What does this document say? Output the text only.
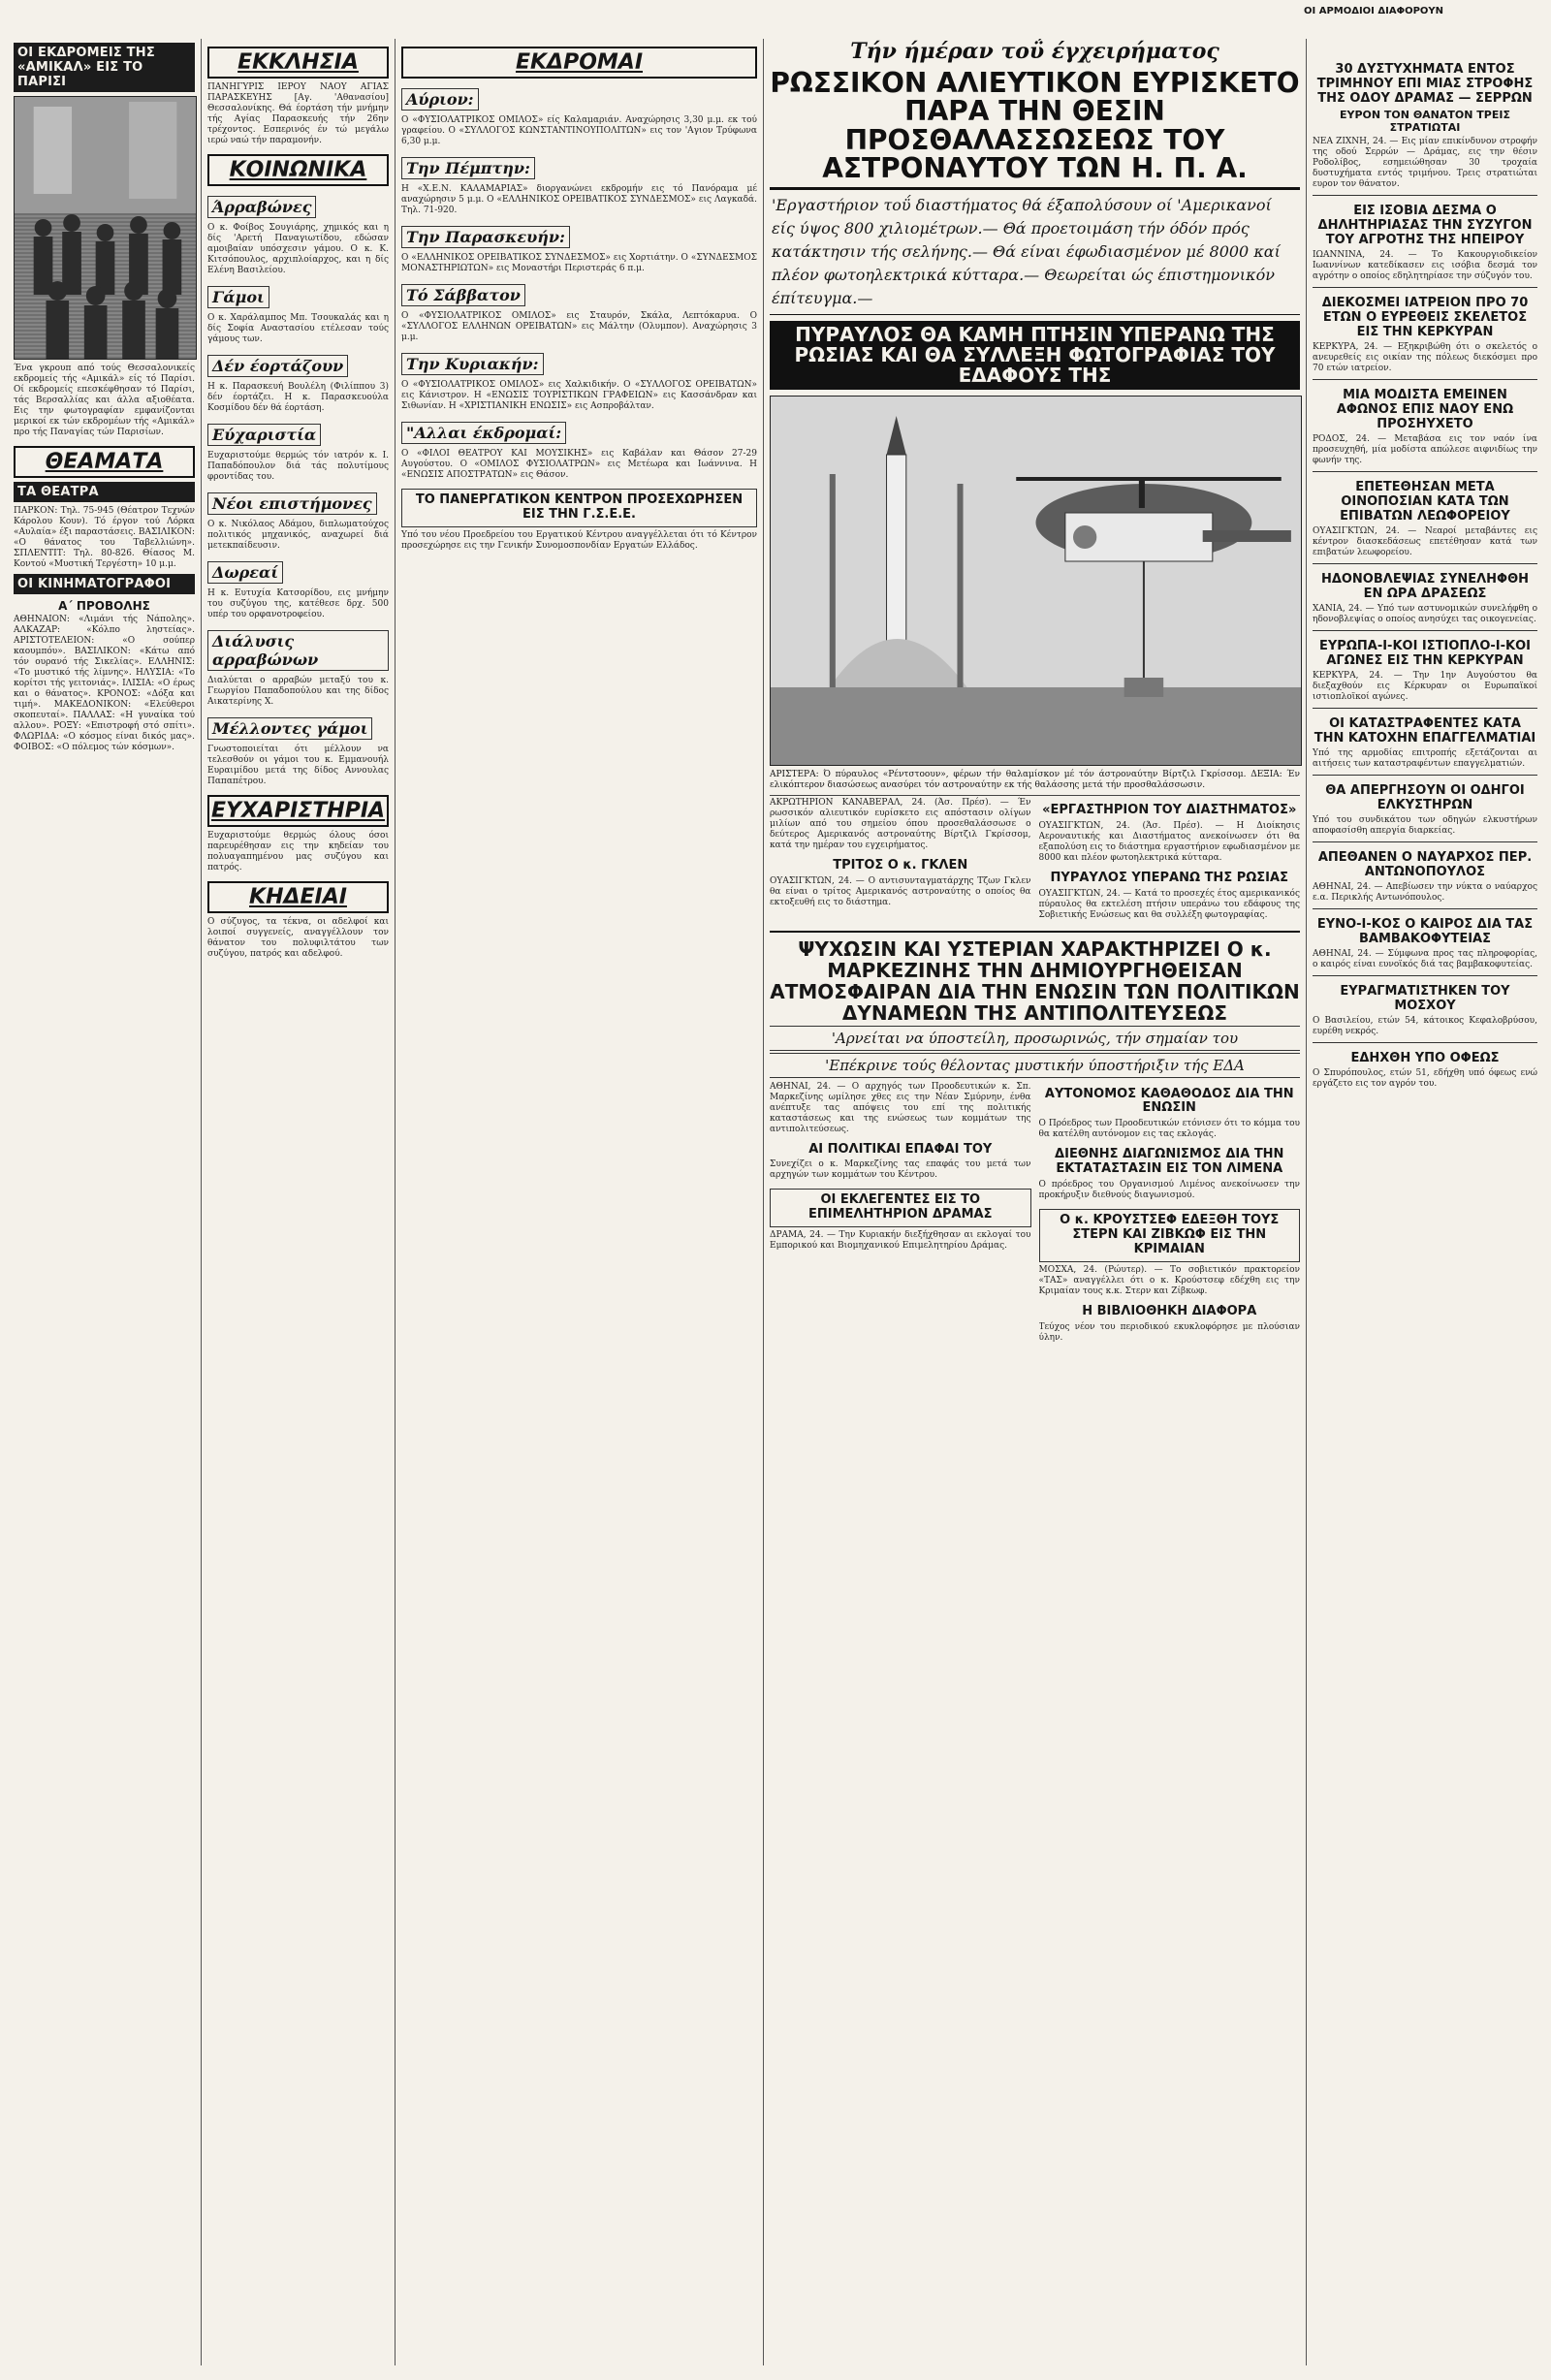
ΟΙ ΑΡΜΟΔΙΟΙ ΔΙΑΦΟΡΟΥΝ
ΟΙ ΕΚΔΡΟΜΕΙΣ ΤΗΣ «ΑΜΙΚΑΛ» ΕΙΣ ΤΟ ΠΑΡΙΣΙ
Ένα γκρουπ από τούς Θεσσαλονικείς εκδρομείς τής «Αμικάλ» είς τό Παρίσι. Οί εκδρομείς επεσκέφθησαν τό Παρίσι, τάς Βερσαλλίας και άλλα αξιοθέατα. Εις την φωτογραφίαν εμφανίζονται μερικοί εκ τών εκδρομέων τής «Αμικάλ» προ τής Παναγίας τών Παρισίων.
ΘΕΑΜΑΤΑ
ΤΑ ΘΕΑΤΡΑ
ΠΑΡΚΟΝ: Τηλ. 75-945 (Θέατρον Τεχνών Κάρολου Κουν). Τό έργον τού Λόρκα «Αυλαία» έξι παραστάσεις. ΒΑΣΙΛΙΚΟΝ: «Ο θάνατος του Ταβελλιώνη». ΣΠΛΕΝΤΙΤ: Τηλ. 80-826. Θίασος Μ. Κοντού «Μυστική Τεργέστη» 10 μ.μ.
ΟΙ ΚΙΝΗΜΑΤΟΓΡΑΦΟΙ
Α΄ ΠΡΟΒΟΛΗΣ
ΑΘΗΝΑΙΟΝ: «Λιμάνι τής Νάπολης». ΑΛΚΑΖΑΡ: «Κόλπο ληστείας». ΑΡΙΣΤΟΤΕΛΕΙΟΝ: «Ο σούπερ καουμπόυ». ΒΑΣΙΛΙΚΟΝ: «Κάτω από τόν ουρανό τής Σικελίας». ΕΛΛΗΝΙΣ: «Το μυστικό τής λίμνης». ΗΛΥΣΙΑ: «Το κορίτσι τής γειτονιάς». ΙΛΙΣΙΑ: «Ο έρως και ο θάνατος». ΚΡΟΝΟΣ: «Δόξα και τιμή». ΜΑΚΕΔΟΝΙΚΟΝ: «Ελεύθεροι σκοπευταί». ΠΑΛΛΑΣ: «Η γυναίκα τού αλλου». ΡΟΞΥ: «Επιστροφή στό σπίτι». ΦΛΩΡΙΔΑ: «Ο κόσμος είναι δικός μας». ΦΟΙΒΟΣ: «Ο πόλεμος τών κόσμων».
ΕΚΚΛΗΣΙΑ
ΠΑΝΗΓΥΡΙΣ ΙΕΡΟΥ ΝΑΟΥ ΑΓΙΑΣ ΠΑΡΑΣΚΕΥΗΣ [Αγ. 'Αθανασίου] Θεσσαλονίκης. Θά έορτάση τήν μνήμην τής Αγίας Παρασκευής τήν 26ην τρέχοντος. Εσπερινός έν τώ μεγάλω ιερώ ναώ τήν παραμονήν.
ΚΟΙΝΩΝΙΚΑ
Άρραβώνες
Ο κ. Φοίβος Σουγιάρης, χημικός και η δίς 'Αρετή Παναγιωτίδου, εδώσαν αμοιβαίαν υπόσχεσιν γάμου. Ο κ. Κ. Κιτσόπουλος, αρχιπλοίαρχος, και η δίς Ελένη Βασιλείου.
Γάμοι
Ο κ. Χαράλαμπος Μπ. Τσουκαλάς και η δίς Σοφία Αναστασίου ετέλεσαν τούς γάμους των.
Δέν έορτάζουν
Η κ. Παρασκευή Βουλέλη (Φιλίππου 3) δέν έορτάζει. Η κ. Παρασκευούλα Κοσμίδου δέν θά έορτάση.
Εύχαριστία
Ευχαριστούμε θερμώς τόν ιατρόν κ. Ι. Παπαδόπουλον διά τάς πολυτίμους φροντίδας του.
Νέοι επιστήμονες
Ο κ. Νικόλαος Αδάμου, διπλωματούχος πολιτικός μηχανικός, αναχωρεί διά μετεκπαίδευσιν.
Δωρεαί
Η κ. Ευτυχία Κατσορίδου, εις μνήμην του συζύγου της, κατέθεσε δρχ. 500 υπέρ του ορφανοτροφείου.
Διάλυσις αρραβώνων
Διαλύεται ο αρραβών μεταξύ του κ. Γεωργίου Παπαδοπούλου και της δίδος Αικατερίνης Χ.
Μέλλοντες γάμοι
Γνωστοποιείται ότι μέλλουν να τελεσθούν οι γάμοι του κ. Εμμανουήλ Ευραιμίδου μετά της δίδος Αννουλας Παπαπέτρου.
ΕΥΧΑΡΙΣΤΗΡΙΑ
Ευχαριστούμε θερμώς όλους όσοι παρευρέθησαν εις την κηδείαν του πολυαγαπημένου μας συζύγου και πατρός.
ΚΗΔΕΙΑΙ
Ο σύζυγος, τα τέκνα, οι αδελφοί και λοιποί συγγενείς, αναγγέλλουν τον θάνατον του πολυφιλτάτου των συζύγου, πατρός και αδελφού.
ΕΚΔΡΟΜΑΙ
Αύριον:
Ο «ΦΥΣΙΟΛΑΤΡΙΚΟΣ ΟΜΙΛΟΣ» είς Καλαμαριάν. Αναχώρησις 3,30 μ.μ. εκ τού γραφείου. Ο «ΣΥΛΛΟΓΟΣ ΚΩΝΣΤΑΝΤΙΝΟΥΠΟΛΙΤΩΝ» εις τον 'Αγιον Τρύφωνα 6,30 μ.μ.
Την Πέμπτην:
Η «Χ.Ε.Ν. ΚΑΛΑΜΑΡΙΑΣ» διοργανώνει εκδρομήν εις τό Πανόραμα μέ αναχώρησιν 5 μ.μ. Ο «ΕΛΛΗΝΙΚΟΣ ΟΡΕΙΒΑΤΙΚΟΣ ΣΥΝΔΕΣΜΟΣ» εις Λαγκαδά. Τηλ. 71-920.
Την Παρασκευήν:
Ο «ΕΛΛΗΝΙΚΟΣ ΟΡΕΙΒΑΤΙΚΟΣ ΣΥΝΔΕΣΜΟΣ» εις Χορτιάτην. Ο «ΣΥΝΔΕΣΜΟΣ ΜΟΝΑΣΤΗΡΙΩΤΩΝ» εις Μοναστήρι Περιστεράς 6 π.μ.
Τό Σάββατον
Ο «ΦΥΣΙΟΛΑΤΡΙΚΟΣ ΟΜΙΛΟΣ» εις Σταυρόν, Σκάλα, Λεπτόκαρυα. Ο «ΣΥΛΛΟΓΟΣ ΕΛΛΗΝΩΝ ΟΡΕΙΒΑΤΩΝ» εις Μάλτην (Ολυμπον). Αναχώρησις 3 μ.μ.
Την Κυριακήν:
Ο «ΦΥΣΙΟΛΑΤΡΙΚΟΣ ΟΜΙΛΟΣ» εις Χαλκιδικήν. Ο «ΣΥΛΛΟΓΟΣ ΟΡΕΙΒΑΤΩΝ» εις Κάνιστρον. Η «ΕΝΩΣΙΣ ΤΟΥΡΙΣΤΙΚΩΝ ΓΡΑΦΕΙΩΝ» εις Κασσάνδραν και Σιθωνίαν. Η «ΧΡΙΣΤΙΑΝΙΚΗ ΕΝΩΣΙΣ» εις Ασπροβάλταν.
"Αλλαι έκδρομαί:
Ο «ΦΙΛΟΙ ΘΕΑΤΡΟΥ ΚΑΙ ΜΟΥΣΙΚΗΣ» εις Καβάλαν και Θάσον 27-29 Αυγούστου. Ο «ΟΜΙΛΟΣ ΦΥΣΙΟΛΑΤΡΩΝ» εις Μετέωρα και Ιωάννινα. Η «ΕΝΩΣΙΣ ΑΠΟΣΤΡΑΤΩΝ» εις Θάσον.
ΤΟ ΠΑΝΕΡΓΑΤΙΚΟΝ ΚΕΝΤΡΟΝ ΠΡΟΣΕΧΩΡΗΣΕΝ ΕΙΣ ΤΗΝ Γ.Σ.Ε.Ε.
Υπό του νέου Προεδρείου του Εργατικού Κέντρου αναγγέλλεται ότι τό Κέντρον προσεχώρησε εις την Γενικήν Συνομοσπονδίαν Εργατών Ελλάδος.
Τήν ήμέραν τοΰ έγχειρήματος
ΡΩΣΣΙΚΟΝ ΑΛΙΕΥΤΙΚΟΝ ΕΥΡΙΣΚΕΤΟ ΠΑΡΑ ΤΗΝ ΘΕΣΙΝ ΠΡΟΣΘΑΛΑΣΣΩΣΕΩΣ ΤΟΥ ΑΣΤΡΟΝΑΥΤΟΥ ΤΩΝ Η. Π. Α.
'Εργαστήριον τοΰ διαστήματος θά έξαπολύσουν οί 'Αμερικανοί είς ύψος 800 χιλιομέτρων.— Θά προετοιμάση τήν όδόν πρός κατάκτησιν τής σελήνης.— Θά είναι έφωδιασμένον μέ 8000 καί πλέον φωτοηλεκτρικά κύτταρα.— Θεωρείται ώς έπιστημονικόν έπίτευγμα.—
ΠΥΡΑΥΛΟΣ ΘΑ ΚΑΜΗ ΠΤΗΣΙΝ ΥΠΕΡΑΝΩ ΤΗΣ ΡΩΣΙΑΣ ΚΑΙ ΘΑ ΣΥΛΛΕΞΗ ΦΩΤΟΓΡΑΦΙΑΣ ΤΟΥ ΕΔΑΦΟΥΣ ΤΗΣ
ΑΡΙΣΤΕΡΑ: Ό πύραυλος «Ρέντστοουν», φέρων τήν θαλαμίσκον μέ τόν άστροναύτην Βίρτζιλ Γκρίσσομ. ΔΕΞΙΑ: Έν ελικόπτερον διασώσεως ανασύρει τόν αστροναύτην εκ τής θαλάσσης μετά τήν προσθαλάσσωσιν.
ΑΚΡΩΤΗΡΙΟΝ ΚΑΝΑΒΕΡΑΛ, 24. (Άσ. Πρέσ). — Έν ρωσσικόν αλιευτικόν ευρίσκετο εις απόστασιν ολίγων μιλίων από του σημείου όπου προσεθαλάσσωσε ο δεύτερος Αμερικανός αστροναύτης Βίρτζιλ Γκρίσσομ, κατά την ημέραν του εγχειρήματος.
ΤΡΙΤΟΣ Ο κ. ΓΚΛΕΝ
ΟΥΑΣΙΓΚΤΩΝ, 24. — Ο αντισυνταγματάρχης Τζων Γκλεν θα είναι ο τρίτος Αμερικανός αστροναύτης ο οποίος θα εκτοξευθή εις το διάστημα.
«ΕΡΓΑΣΤΗΡΙΟΝ ΤΟΥ ΔΙΑΣΤΗΜΑΤΟΣ»
ΟΥΑΣΙΓΚΤΩΝ, 24. (Άσ. Πρέσ). — Η Διοίκησις Αεροναυτικής και Διαστήματος ανεκοίνωσεν ότι θα εξαπολύση εις το διάστημα εργαστήριον εφωδιασμένον με 8000 και πλέον φωτοηλεκτρικά κύτταρα.
ΠΥΡΑΥΛΟΣ ΥΠΕΡΑΝΩ ΤΗΣ ΡΩΣΙΑΣ
ΟΥΑΣΙΓΚΤΩΝ, 24. — Κατά το προσεχές έτος αμερικανικός πύραυλος θα εκτελέση πτήσιν υπεράνω του εδάφους της Σοβιετικής Ενώσεως και θα συλλέξη φωτογραφίας.
ΨΥΧΩΣΙΝ ΚΑΙ ΥΣΤΕΡΙΑΝ ΧΑΡΑΚΤΗΡΙΖΕΙ Ο κ. ΜΑΡΚΕΖΙΝΗΣ ΤΗΝ ΔΗΜΙΟΥΡΓΗΘΕΙΣΑΝ ΑΤΜΟΣΦΑΙΡΑΝ ΔΙΑ ΤΗΝ ΕΝΩΣΙΝ ΤΩΝ ΠΟΛΙΤΙΚΩΝ ΔΥΝΑΜΕΩΝ ΤΗΣ ΑΝΤΙΠΟΛΙΤΕΥΣΕΩΣ
'Αρνείται να ύποστείλη, προσωρινώς, τήν σημαίαν του
'Επέκρινε τούς θέλοντας μυστικήν ύποστήριξιν τής ΕΔΑ
ΑΘΗΝΑΙ, 24. — Ο αρχηγός των Προοδευτικών κ. Σπ. Μαρκεζίνης ωμίλησε χθες εις την Νέαν Σμύρνην, ένθα ανέπτυξε τας απόψεις του επί της πολιτικής καταστάσεως και της ενώσεως των κομμάτων της αντιπολιτεύσεως.
ΑΙ ΠΟΛΙΤΙΚΑΙ ΕΠΑΦΑΙ ΤΟΥ
Συνεχίζει ο κ. Μαρκεζίνης τας επαφάς του μετά των αρχηγών των κομμάτων του Κέντρου.
ΟΙ ΕΚΛΕΓΕΝΤΕΣ ΕΙΣ ΤΟ ΕΠΙΜΕΛΗΤΗΡΙΟΝ ΔΡΑΜΑΣ
ΔΡΑΜΑ, 24. — Την Κυριακήν διεξήχθησαν αι εκλογαί του Εμπορικού και Βιομηχανικού Επιμελητηρίου Δράμας.
ΑΥΤΟΝΟΜΟΣ ΚΑΘΑΘΟΔΟΣ ΔΙΑ ΤΗΝ ΕΝΩΣΙΝ
Ο Πρόεδρος των Προοδευτικών ετόνισεν ότι το κόμμα του θα κατέλθη αυτόνομον εις τας εκλογάς.
ΔΙΕΘΝΗΣ ΔΙΑΓΩΝΙΣΜΟΣ ΔΙΑ ΤΗΝ ΕΚΤΑΤΑΣΤΑΣΙΝ ΕΙΣ ΤΟΝ ΛΙΜΕΝΑ
Ο πρόεδρος του Οργανισμού Λιμένος ανεκοίνωσεν την προκήρυξιν διεθνούς διαγωνισμού.
Ο κ. ΚΡΟΥΣΤΣΕΦ ΕΔΕΞΘΗ ΤΟΥΣ ΣΤΕΡΝ ΚΑΙ ΖΙΒΚΩΦ ΕΙΣ ΤΗΝ ΚΡΙΜΑΙΑΝ
ΜΟΣΧΑ, 24. (Ρώυτερ). — Το σοβιετικόν πρακτορείον «ΤΑΣ» αναγγέλλει ότι ο κ. Κρούστσεφ εδέχθη εις την Κριμαίαν τους κ.κ. Στερν και Ζίβκωφ.
Η ΒΙΒΛΙΟΘΗΚΗ ΔΙΑΦΟΡΑ
Τεύχος νέον του περιοδικού εκυκλοφόρησε με πλούσιαν ύλην.
30 ΔΥΣΤΥΧΗΜΑΤΑ ΕΝΤΟΣ ΤΡΙΜΗΝΟΥ ΕΠΙ ΜΙΑΣ ΣΤΡΟΦΗΣ ΤΗΣ ΟΔΟΥ ΔΡΑΜΑΣ — ΣΕΡΡΩΝ
ΕΥΡΟΝ ΤΟΝ ΘΑΝΑΤΟΝ ΤΡΕΙΣ ΣΤΡΑΤΙΩΤΑΙ
ΝΕΑ ΖΙΧΝΗ, 24. — Εις μίαν επικίνδυνον στροφήν της οδού Σερρών — Δράμας, εις την θέσιν Ροδολίβος, εσημειώθησαν 30 τροχαία δυστυχήματα εντός τριμήνου. Τρεις στρατιώται ευρον τον θάνατον.
ΕΙΣ ΙΣΟΒΙΑ ΔΕΣΜΑ Ο ΔΗΛΗΤΗΡΙΑΣΑΣ ΤΗΝ ΣΥΖΥΓΟΝ ΤΟΥ ΑΓΡΟΤΗΣ ΤΗΣ ΗΠΕΙΡΟΥ
ΙΩΑΝΝΙΝΑ, 24. — Το Κακουργιοδικείον Ιωαννίνων κατεδίκασεν εις ισόβια δεσμά τον αγρότην ο οποίος εδηλητηρίασε την σύζυγόν του.
ΔΙΕΚΟΣΜΕΙ ΙΑΤΡΕΙΟΝ ΠΡΟ 70 ΕΤΩΝ Ο ΕΥΡΕΘΕΙΣ ΣΚΕΛΕΤΟΣ ΕΙΣ ΤΗΝ ΚΕΡΚΥΡΑΝ
ΚΕΡΚΥΡΑ, 24. — Εξηκριβώθη ότι ο σκελετός ο ανευρεθείς εις οικίαν της πόλεως διεκόσμει προ 70 ετών ιατρείον.
ΜΙΑ ΜΟΔΙΣΤΑ ΕΜΕΙΝΕΝ ΑΦΩΝΟΣ ΕΠΙΣ ΝΑΟΥ ΕΝΩ ΠΡΟΣΗΥΧΕΤΟ
ΡΟΔΟΣ, 24. — Μεταβάσα εις τον ναόν ίνα προσευχηθή, μία μοδίστα απώλεσε αιφνιδίως την φωνήν της.
ΕΠΕΤΕΘΗΣΑΝ ΜΕΤΑ ΟΙΝΟΠΟΣΙΑΝ ΚΑΤΑ ΤΩΝ ΕΠΙΒΑΤΩΝ ΛΕΩΦΟΡΕΙΟΥ
ΟΥΑΣΙΓΚΤΩΝ, 24. — Νεαροί μεταβάντες εις κέντρον διασκεδάσεως επετέθησαν κατά των επιβατών λεωφορείου.
ΗΔΟΝΟΒΛΕΨΙΑΣ ΣΥΝΕΛΗΦΘΗ ΕΝ ΩΡΑ ΔΡΑΣΕΩΣ
ΧΑΝΙΑ, 24. — Υπό των αστυνομικών συνελήφθη ο ηδονοβλεψίας ο οποίος ανησύχει τας οικογενείας.
ΕΥΡΩΠΑ-Ι-ΚΟΙ ΙΣΤΙΟΠΛΟ-Ι-ΚΟΙ ΑΓΩΝΕΣ ΕΙΣ ΤΗΝ ΚΕΡΚΥΡΑΝ
ΚΕΡΚΥΡΑ, 24. — Την 1ην Αυγούστου θα διεξαχθούν εις Κέρκυραν οι Ευρωπαϊκοί ιστιοπλοϊκοί αγώνες.
ΟΙ ΚΑΤΑΣΤΡΑΦΕΝΤΕΣ ΚΑΤΑ ΤΗΝ ΚΑΤΟΧΗΝ ΕΠΑΓΓΕΛΜΑΤΙΑΙ
Υπό της αρμοδίας επιτροπής εξετάζονται αι αιτήσεις των καταστραφέντων επαγγελματιών.
ΘΑ ΑΠΕΡΓΗΣΟΥΝ ΟΙ ΟΔΗΓΟΙ ΕΛΚΥΣΤΗΡΩΝ
Υπό του συνδικάτου των οδηγών ελκυστήρων αποφασίσθη απεργία διαρκείας.
ΑΠΕΘΑΝΕΝ Ο ΝΑΥΑΡΧΟΣ ΠΕΡ. ΑΝΤΩΝΟΠΟΥΛΟΣ
ΑΘΗΝΑΙ, 24. — Απεβίωσεν την νύκτα ο ναύαρχος ε.α. Περικλής Αντωνόπουλος.
ΕΥΝΟ-Ι-ΚΟΣ Ο ΚΑΙΡΟΣ ΔΙΑ ΤΑΣ ΒΑΜΒΑΚΟΦΥΤΕΙΑΣ
ΑΘΗΝΑΙ, 24. — Σύμφωνα προς τας πληροφορίας, ο καιρός είναι ευνοϊκός διά τας βαμβακοφυτείας.
ΕΥΡΑΓΜΑΤΙΣΤΗΚΕΝ ΤΟΥ ΜΟΣΧΟΥ
Ο Βασιλείου, ετών 54, κάτοικος Κεφαλοβρύσου, ευρέθη νεκρός.
ΕΔΗΧΘΗ ΥΠΟ ΟΦΕΩΣ
Ο Σπυρόπουλος, ετών 51, εδήχθη υπό όφεως ενώ εργάζετο εις τον αγρόν του.
